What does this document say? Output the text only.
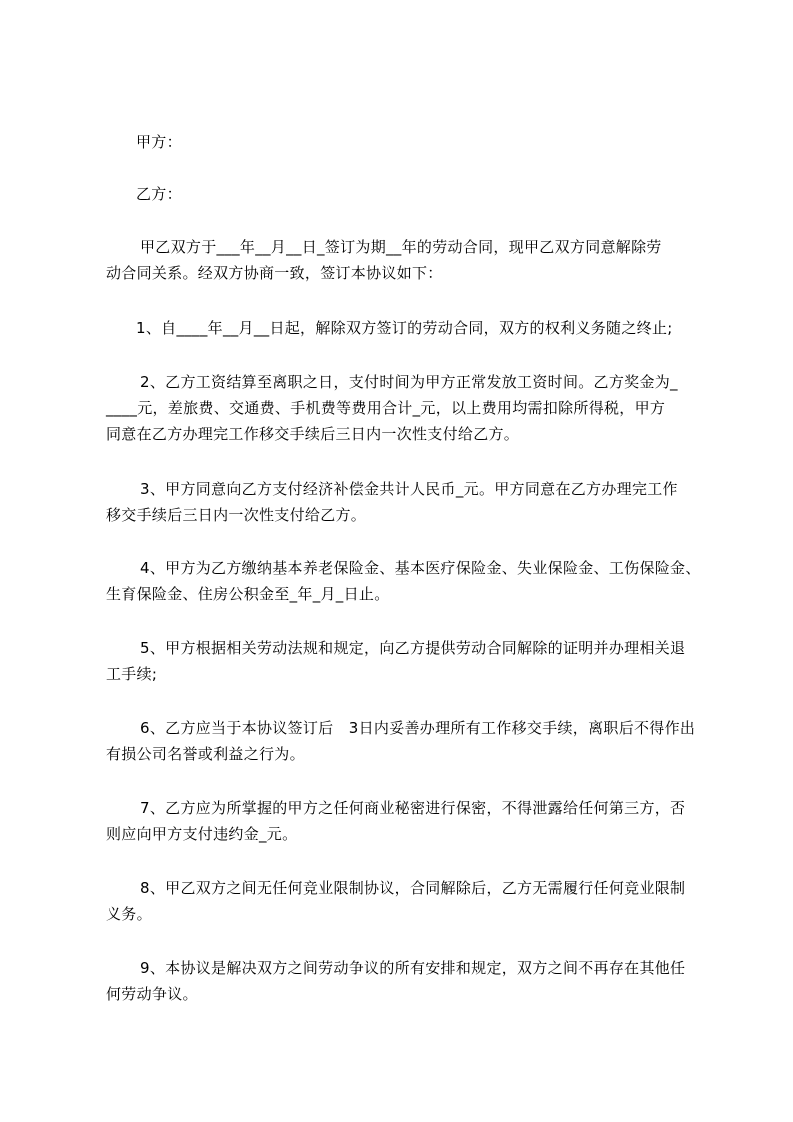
甲方：

乙方：

甲乙双方于___年__月__日_签订为期__年的劳动合同，现甲乙双方同意解除劳

动合同关系。经双方协商一致，签订本协议如下：

1、自____年__月__日起，解除双方签订的劳动合同，双方的权利义务随之终止;

2、乙方工资结算至离职之日，支付时间为甲方正常发放工资时间。乙方奖金为_

____元，差旅费、交通费、手机费等费用合计_元，以上费用均需扣除所得税，甲方

同意在乙方办理完工作移交手续后三日内一次性支付给乙方。

3、甲方同意向乙方支付经济补偿金共计人民币_元。甲方同意在乙方办理完工作

移交手续后三日内一次性支付给乙方。

4、甲方为乙方缴纳基本养老保险金、基本医疗保险金、失业保险金、工伤保险金、

生育保险金、住房公积金至_年_月_日止。

5、甲方根据相关劳动法规和规定，向乙方提供劳动合同解除的证明并办理相关退

工手续;

6、乙方应当于本协议签订后　3日内妥善办理所有工作移交手续，离职后不得作出

有损公司名誉或利益之行为。

7、乙方应为所掌握的甲方之任何商业秘密进行保密，不得泄露给任何第三方，否

则应向甲方支付违约金_元。

8、甲乙双方之间无任何竞业限制协议，合同解除后，乙方无需履行任何竞业限制

义务。

9、本协议是解决双方之间劳动争议的所有安排和规定，双方之间不再存在其他任

何劳动争议。
